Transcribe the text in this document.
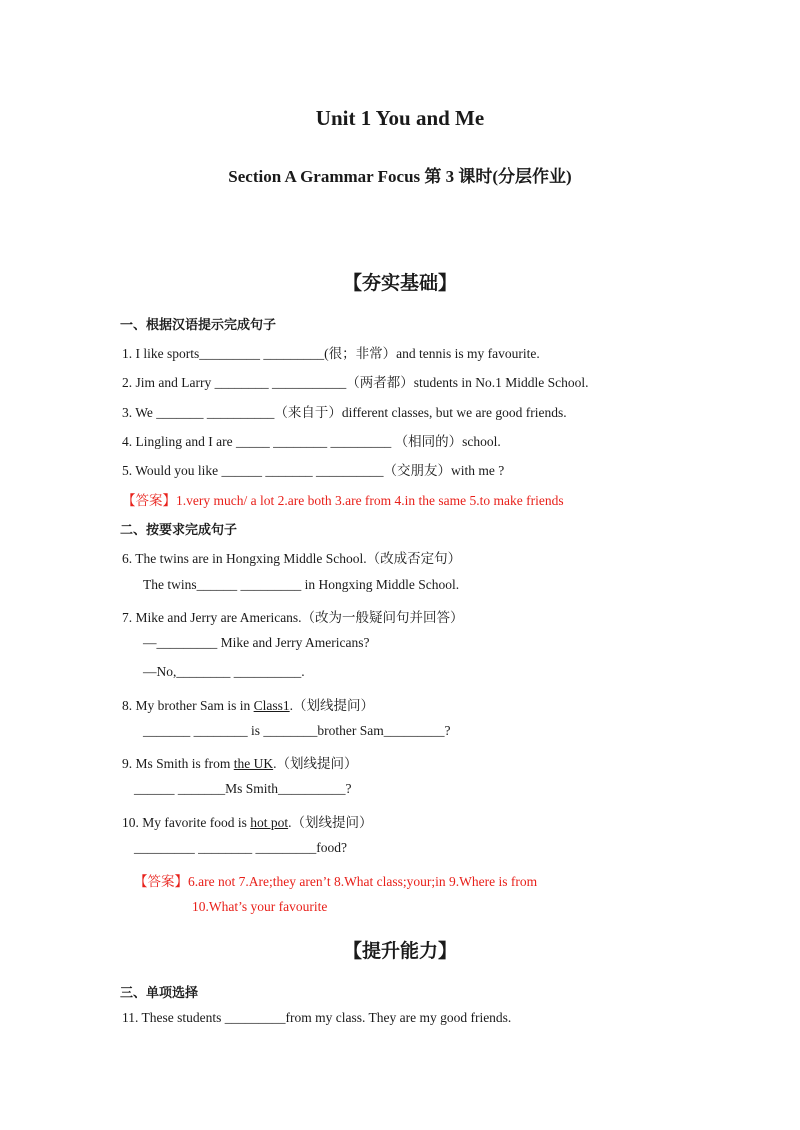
Unit 1 You and Me
Section A Grammar Focus 第 3 课时(分层作业)
【夯实基础】
一、根据汉语提示完成句子
1. I like sports_________ _________(很；非常）and tennis is my favourite.
2. Jim and Larry ________ ___________（两者都）students in No.1 Middle School.
3. We _______ __________（来自于）different classes, but we are good friends.
4. Lingling and I are _____ ________ _________ （相同的）school.
5. Would you like ______ _______ __________（交朋友）with me ?
【答案】1.very much/ a lot 2.are both 3.are from 4.in the same 5.to make friends
二、按要求完成句子
6. The twins are in Hongxing Middle School.（改成否定句）
The twins______ _________ in Hongxing Middle School.
7. Mike and Jerry are Americans.（改为一般疑问句并回答）
—_________ Mike and Jerry Americans?
—No,________ __________.
8. My brother Sam is in Class1.（划线提问）
_______ ________ is ________brother Sam_________?
9. Ms Smith is from the UK.（划线提问）
______ _______Ms Smith__________?
10. My favorite food is hot pot.（划线提问）
_________ ________ _________food?
【答案】6.are not 7.Are;they aren’t 8.What class;your;in 9.Where is from
10.What’s your favourite
【提升能力】
三、单项选择
11. These students _________from my class. They are my good friends.
